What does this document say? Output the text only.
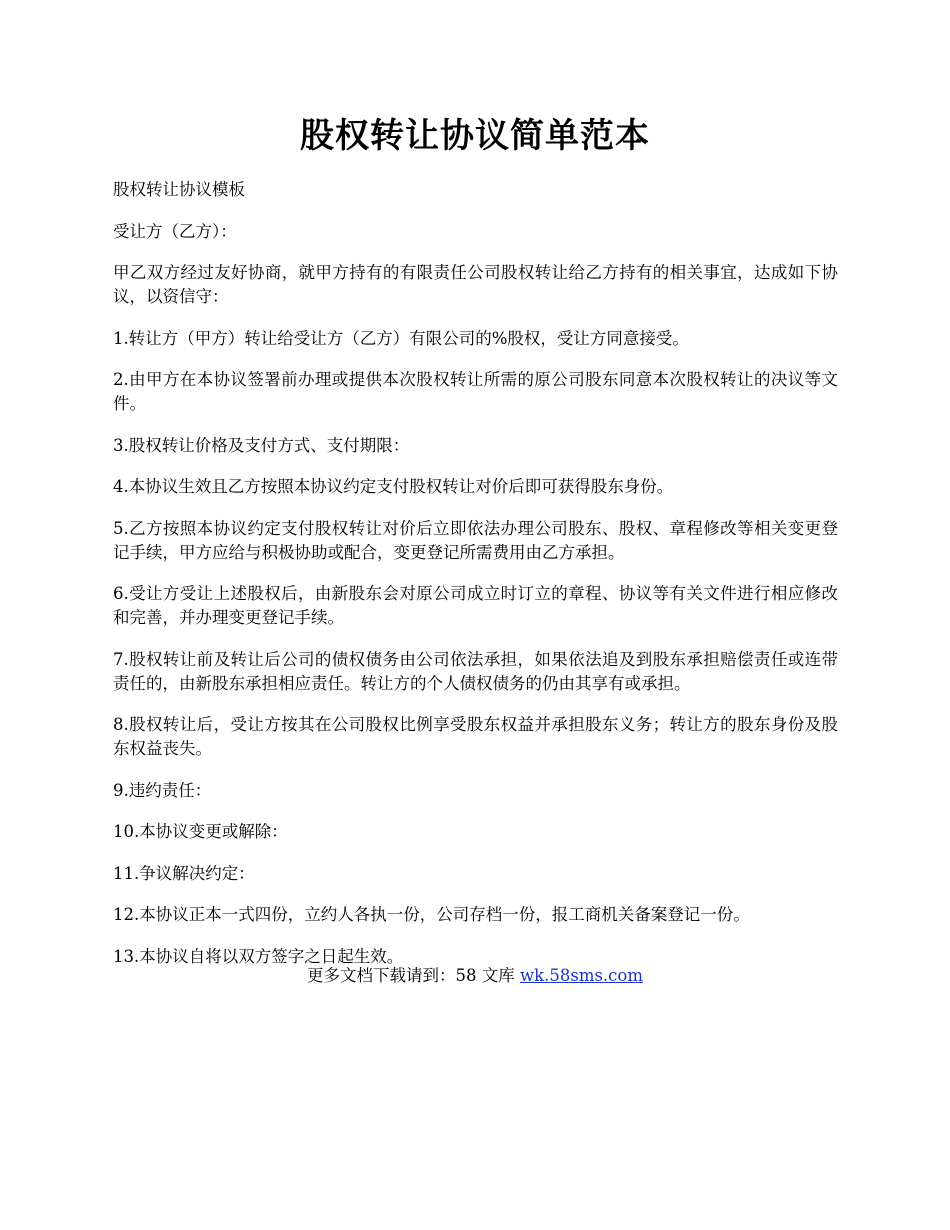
股权转让协议简单范本

股权转让协议模板

受让方（乙方）：

甲乙双方经过友好协商，就甲方持有的有限责任公司股权转让给乙方持有的相关事宜，达成如下协议，以资信守：

1.转让方（甲方）转让给受让方（乙方）有限公司的%股权，受让方同意接受。

2.由甲方在本协议签署前办理或提供本次股权转让所需的原公司股东同意本次股权转让的决议等文件。

3.股权转让价格及支付方式、支付期限：

4.本协议生效且乙方按照本协议约定支付股权转让对价后即可获得股东身份。

5.乙方按照本协议约定支付股权转让对价后立即依法办理公司股东、股权、章程修改等相关变更登记手续，甲方应给与积极协助或配合，变更登记所需费用由乙方承担。

6.受让方受让上述股权后，由新股东会对原公司成立时订立的章程、协议等有关文件进行相应修改和完善，并办理变更登记手续。

7.股权转让前及转让后公司的债权债务由公司依法承担，如果依法追及到股东承担赔偿责任或连带责任的，由新股东承担相应责任。转让方的个人债权债务的仍由其享有或承担。

8.股权转让后，受让方按其在公司股权比例享受股东权益并承担股东义务；转让方的股东身份及股东权益丧失。

9.违约责任：

10.本协议变更或解除：

11.争议解决约定：

12.本协议正本一式四份，立约人各执一份，公司存档一份，报工商机关备案登记一份。

13.本协议自将以双方签字之日起生效。

更多文档下载请到：58 文库 wk.58sms.com
